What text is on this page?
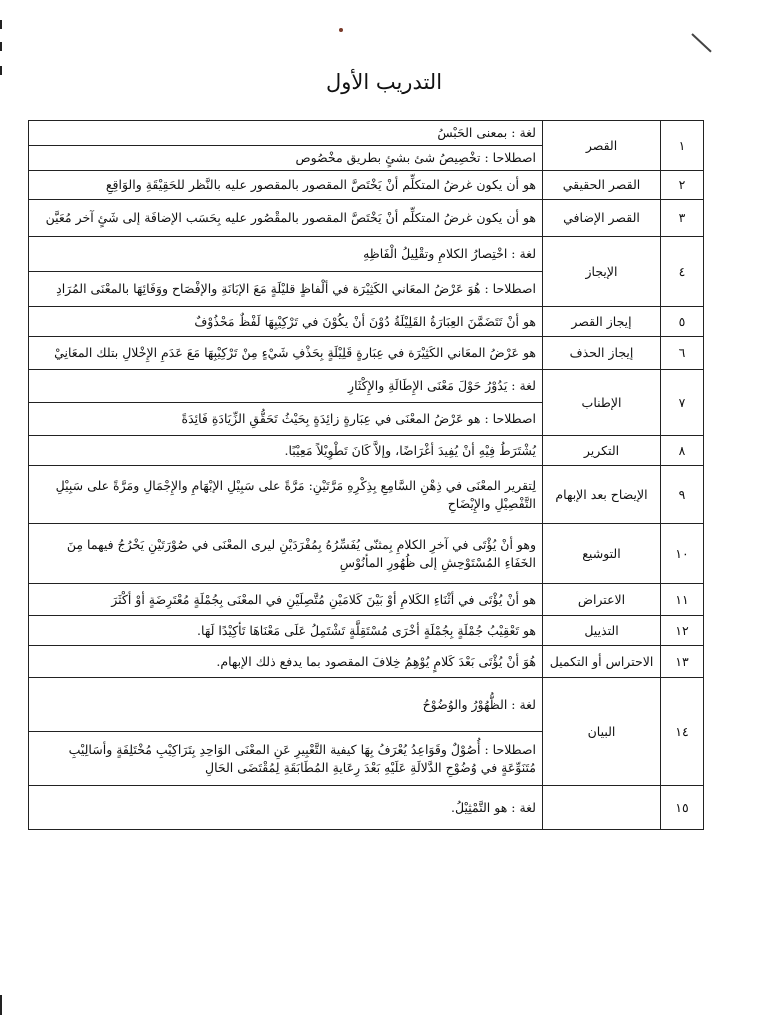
التدريب الأول
١	القصر	لغة : بمعنى الحَبْسُ
		اصطلاحا : تخْصِيصُ شئ بشئٍ بطريق مخْصُوص
٢	القصر الحقيقي	هو أن يكون غرضُ المتكلِّم أنْ يَخْتَصَّ المقصور بالمقصور عليه بالنَّظر للحَقِيْقَةِ والوَاقِعِ
٣	القصر الإضافي	هو أن يكون غرضُ المتكلِّم أنْ يَخْتَصَّ المقصور بالمقْصُور عليه بِحَسَب الإضافَة إلى شَئٍ آخر مُعَيَّن
٤	الإيجاز	لغة : اخْتِصارُ الكلامِ وتقْلِيلُ الْفَاظِهِ
		اصطلاحا : هُوَ عَرْضُ المعَاني الكَثِيْرَة في ألْفاظٍ قليْلَةٍ مَعَ الإبَانَةِ والإفْصَاح ووَفَائِهَا بالمعْنَى المُرَادِ
٥	إيجاز القصر	هو أنْ تَتَضَمَّنَ العِبَارَةُ القَلِيْلَةُ دُوْنَ أنْ يكُوْنَ في تَرْكِيْبِهَا لَفْظٌ مَحْذُوْفٌ
٦	إيجاز الحذف	هو عَرْضُ المعَاني الكَثِيْرَة في عِبَارةٍ قَلِيْلَةٍ بِحَذْفِ شَيْءٍ مِنْ تَرْكِيْبِهَا مَعَ عَدَمِ الإِخْلالِ بتلك المعَانِيْ
٧	الإطناب	لغة : يَدُوْرُ حَوْلَ مَعْنَى الإِطَالَةِ والإِكْثَارِ
		اصطلاحا : هو عَرْضُ المعْنَى في عِبَارةٍ زائِدَةٍ بِحَيْثُ تَحَقُّقِ الزِّيَادَةِ فَائِدَةً
٨	التكرير	يُشْتَرَطُ فِيْهِ أنْ يُفِيدَ أغْرَاضًا، وإلاَّ كَانَ تَطْوِيْلاً مَعِيْبًا.
٩	الإيضاح بعد الإبهام	لِتقرير المعْنَى في ذِهْنِ السَّامِعِ بِذِكْرِهِ مَرَّتَيْنِ: مَرَّةً على سَبِيْلِ الإبْهَامِ والإِجْمَالِ ومَرَّةً على سَبِيْلِ التَّفْصِيْلِ والإِيْضَاحِ
١٠	التوشيع	وهو أنْ يُؤْتَى في آخرِ الكلامِ بِمثنّى يُفَسِّرُهُ بِمُفْرَدَيْنِ ليرى المعْنَى في صُوْرَتَيْنِ يَخْرُجُ فيهما مِنَ الخَفَاءِ المُسْتَوْحِشِ إلى ظُهُورِ المأنُوْسِ
١١	الاعتراض	هو أنْ يُؤْتَى في أثْنَاءِ الكَلامِ أوْ بَيْنَ كَلامَيْنِ مُتَّصِلَيْنِ في المعْنَى بِجُمْلَةٍ مُعْتَرِضَةٍ أوْ أكْثَرَ
١٢	التذييل	هو تَعْقِيْبُ جُمْلَةٍ بِجُمْلَةٍ أخْرَى مُسْتَقِلَّةٍ تَشْتَمِلُ عَلَى مَعْنَاهَا تَأكِيْدًا لَهَا.
١٣	الاحتراس أو التكميل	هُوَ أنْ يُؤْتَى بَعْدَ كَلامٍ يُوْهِمُ خِلافَ المقصود بما يدفع ذلك الإبهام.
١٤	البيان	لغة : الظُّهُوْرُ والوُضُوْحُ
		اصطلاحا : أُصُوْلٌ وقَوَاعِدُ يُعْرَفُ بِهَا كيفية التَّعْبِيرِ عَنِ المعْنَى الوَاحِدِ بِتَرَاكِيْبِ مُخْتَلِفَةٍ وأسَالِيْبِ مُتَنَوِّعَةٍ في وُضُوْحِ الدَّلالَةِ عَلَيْهِ بَعْدَ رِعَايةِ المُطَابَقَةِ لِمُقْتَضَى الحَالِ
١٥		لغة : هو التَّمْثِيْلُ.
